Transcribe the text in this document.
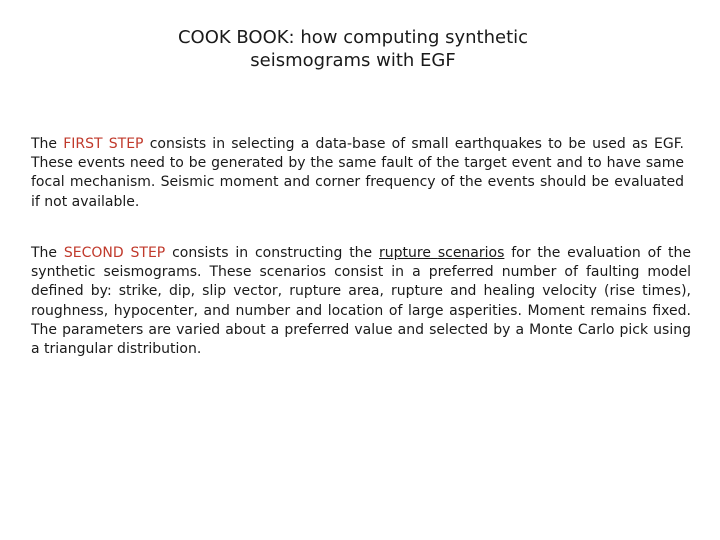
COOK BOOK: how computing synthetic
seismograms with EGF
The FIRST STEP consists in selecting a data-base of small earthquakes to be used as EGF. These events need to be generated by the same fault of the target event and to have same focal mechanism. Seismic moment and corner frequency of the events should be evaluated if not available.
The SECOND STEP consists in constructing the rupture scenarios for the evaluation of the synthetic seismograms. These scenarios consist in a preferred number of faulting model defined by: strike, dip, slip vector, rupture area, rupture and healing velocity (rise times), roughness, hypocenter, and number and location of large asperities. Moment remains fixed. The parameters are varied about a preferred value and selected by a Monte Carlo pick using a triangular distribution.
